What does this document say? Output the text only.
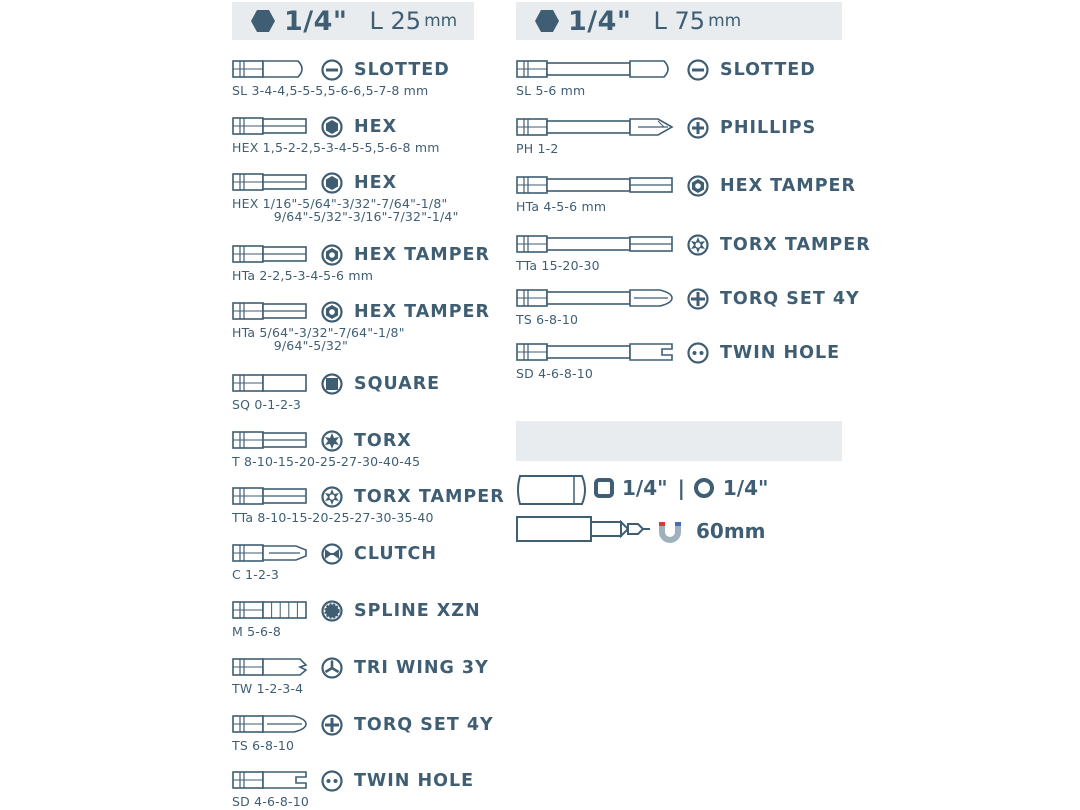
1/4" L 25 mm	1/4" L 75 mm
SLOTTED
SL 3-4-4,5-5-5,5-6-6,5-7-8 mm
HEX
HEX 1,5-2-2,5-3-4-5-5,5-6-8 mm
HEX
HEX 1/16"-5/64"-3/32"-7/64"-1/8"
9/64"-5/32"-3/16"-7/32"-1/4"
HEX TAMPER
HTa 2-2,5-3-4-5-6 mm
HEX TAMPER
HTa 5/64"-3/32"-7/64"-1/8"
9/64"-5/32"
SQUARE
SQ 0-1-2-3
TORX
T 8-10-15-20-25-27-30-40-45
TORX TAMPER
TTa 8-10-15-20-25-27-30-35-40
CLUTCH
C 1-2-3
SPLINE XZN
M 5-6-8
TRI WING 3Y
TW 1-2-3-4
TORQ SET 4Y
TS 6-8-10
TWIN HOLE
SD 4-6-8-10
SLOTTED
SL 5-6 mm
PHILLIPS
PH 1-2
HEX TAMPER
HTa 4-5-6 mm
TORX TAMPER
TTa 15-20-30
TORQ SET 4Y
TS 6-8-10
TWIN HOLE
SD 4-6-8-10
1/4" | 1/4"
60mm
